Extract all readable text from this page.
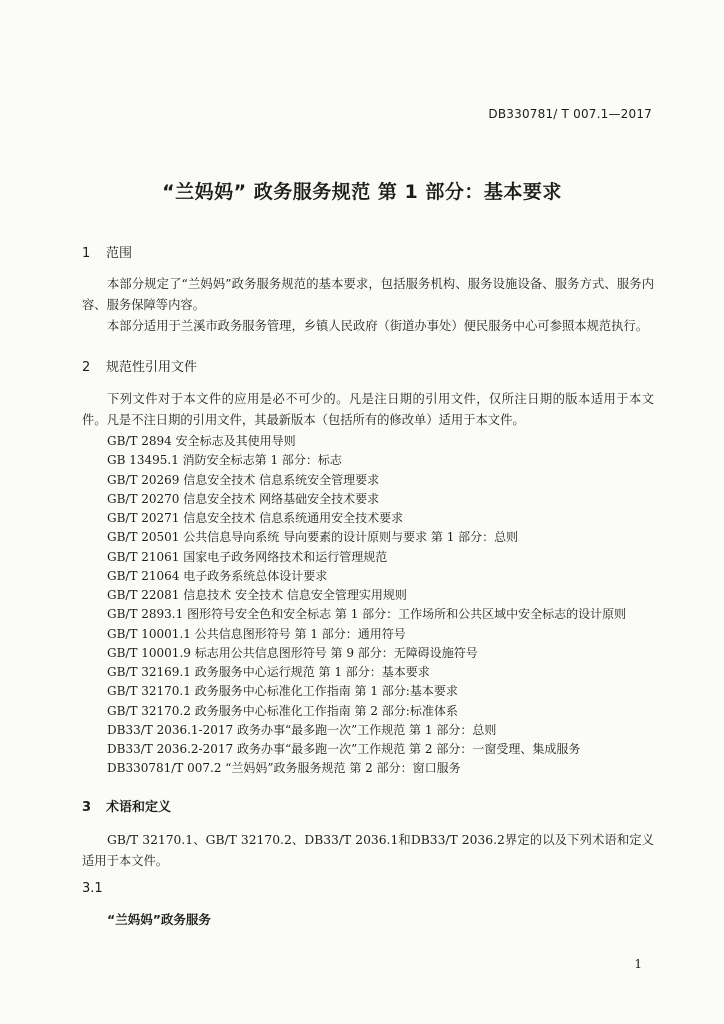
DB330781/ T 007.1—2017
“兰妈妈” 政务服务规范 第 1 部分：基本要求
1 范围
本部分规定了“兰妈妈”政务服务规范的基本要求，包括服务机构、服务设施设备、服务方式、服务内容、服务保障等内容。
本部分适用于兰溪市政务服务管理，乡镇人民政府（街道办事处）便民服务中心可参照本规范执行。
2 规范性引用文件
下列文件对于本文件的应用是必不可少的。凡是注日期的引用文件，仅所注日期的版本适用于本文件。凡是不注日期的引用文件，其最新版本（包括所有的修改单）适用于本文件。
GB/T 2894 安全标志及其使用导则
GB 13495.1 消防安全标志第 1 部分：标志
GB/T 20269 信息安全技术 信息系统安全管理要求
GB/T 20270 信息安全技术 网络基础安全技术要求
GB/T 20271 信息安全技术 信息系统通用安全技术要求
GB/T 20501 公共信息导向系统 导向要素的设计原则与要求 第 1 部分：总则
GB/T 21061 国家电子政务网络技术和运行管理规范
GB/T 21064 电子政务系统总体设计要求
GB/T 22081 信息技术 安全技术 信息安全管理实用规则
GB/T 2893.1 图形符号安全色和安全标志 第 1 部分：工作场所和公共区域中安全标志的设计原则
GB/T 10001.1 公共信息图形符号 第 1 部分：通用符号
GB/T 10001.9 标志用公共信息图形符号 第 9 部分：无障碍设施符号
GB/T 32169.1 政务服务中心运行规范 第 1 部分：基本要求
GB/T 32170.1 政务服务中心标准化工作指南 第 1 部分:基本要求
GB/T 32170.2 政务服务中心标准化工作指南 第 2 部分:标准体系
DB33/T 2036.1-2017 政务办事“最多跑一次”工作规范 第 1 部分：总则
DB33/T 2036.2-2017 政务办事“最多跑一次”工作规范 第 2 部分：一窗受理、集成服务
DB330781/T 007.2 “兰妈妈”政务服务规范 第 2 部分：窗口服务
3 术语和定义
GB/T 32170.1、GB/T 32170.2、DB33/T 2036.1和DB33/T 2036.2界定的以及下列术语和定义适用于本文件。
3.1
“兰妈妈”政务服务
1
